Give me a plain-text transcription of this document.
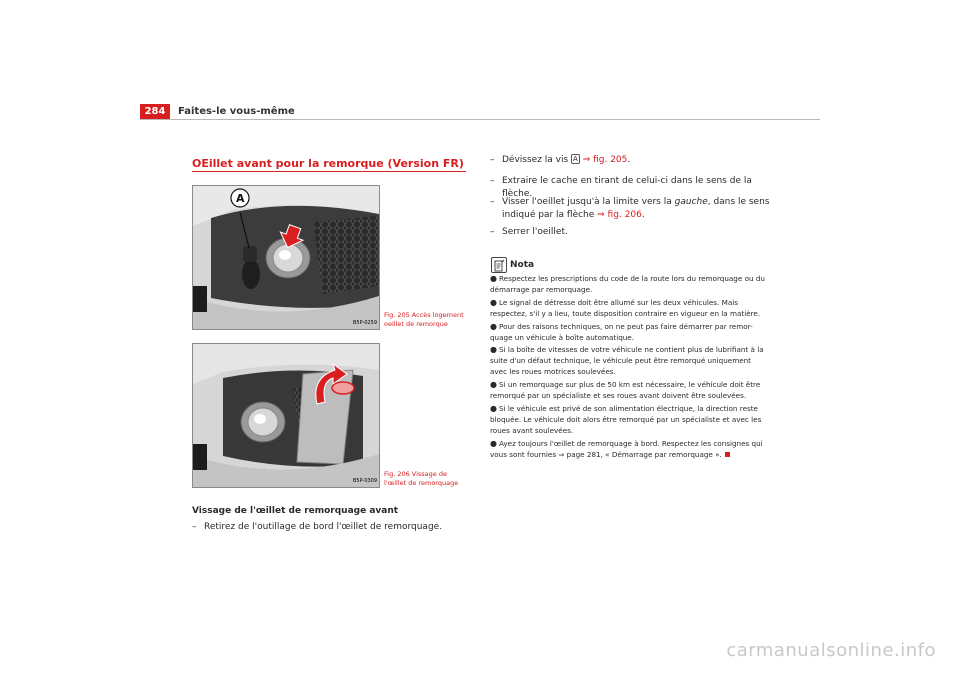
284	Faites-le vous-même
OEillet avant pour la remorque (Version FR)
B5P-0259
A
Fig. 205 Accès logement
oeillet de remorque
B5P-0309
Fig. 206 Vissage de
l'œillet de remorquage
Vissage de l'œillet de remorquage avant
– Retirez de l'outillage de bord l'œillet de remorquage.
– Dévissez la vis A ⇒ fig. 205.
– Extraire le cache en tirant de celui-ci dans le sens de la flèche.
– Visser l'oeillet jusqu'à la limite vers la gauche, dans le sens
indiqué par la flèche ⇒ fig. 206.
– Serrer l'oeillet.
Nota
● Respectez les prescriptions du code de la route lors du remorquage ou du démarrage par remorquage.
● Le signal de détresse doit être allumé sur les deux véhicules. Mais respectez, s'il y a lieu, toute disposition contraire en vigueur en la matière.
● Pour des raisons techniques, on ne peut pas faire démarrer par remor-quage un véhicule à boîte automatique.
● Si la boîte de vitesses de votre véhicule ne contient plus de lubrifiant à la suite d'un défaut technique, le véhicule peut être remorqué uniquement avec les roues motrices soulevées.
● Si un remorquage sur plus de 50 km est nécessaire, le véhicule doit être remorqué par un spécialiste et ses roues avant doivent être soulevées.
● Si le véhicule est privé de son alimentation électrique, la direction reste bloquée. Le véhicule doit alors être remorqué par un spécialiste et avec les roues avant soulevées.
● Ayez toujours l'œillet de remorquage à bord. Respectez les consignes qui vous sont fournies ⇒ page 281, « Démarrage par remorquage ».
carmanualsonline.info
